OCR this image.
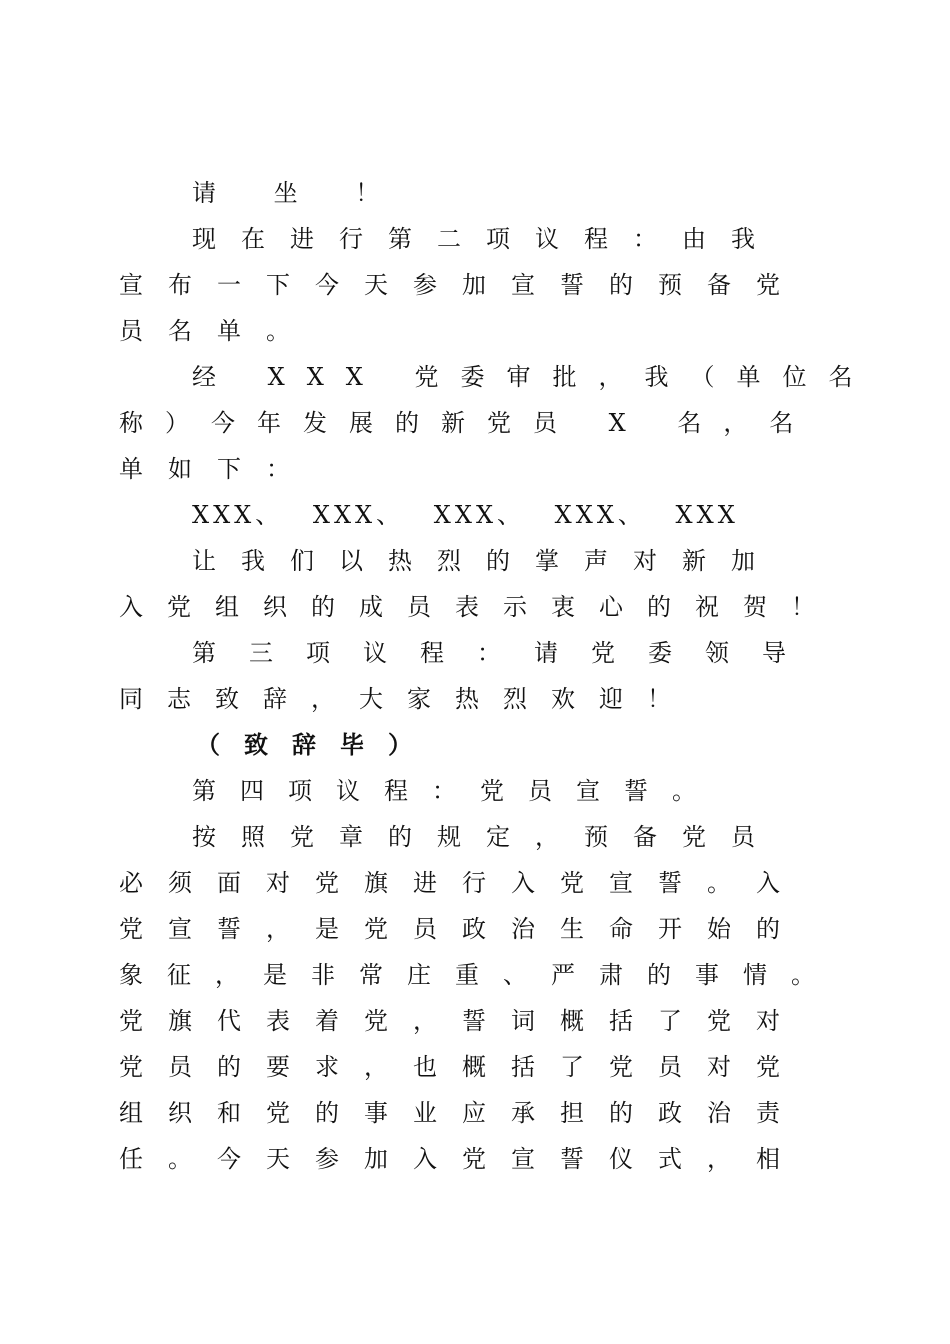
请 坐 ！
现在进行第二项议程：由我
宣布一下今天参加宣誓的预备党
员名单。
经 XXX 党委审批，我（单位名
称）今年发展的新党员 X 名，名
单如下：
XXX、 XXX、 XXX、 XXX、 XXX
让我们以热烈的掌声对新加
入党组织的成员表示衷心的祝贺！
第三项议程：请党委领导
同志致辞，大家热烈欢迎！
（致辞毕）
第四项议程：党员宣誓。
按照党章的规定，预备党员
必须面对党旗进行入党宣誓。入
党宣誓，是党员政治生命开始的
象征，是非常庄重、严肃的事情。
党旗代表着党，誓词概括了党对
党员的要求，也概括了党员对党
组织和党的事业应承担的政治责
任。今天参加入党宣誓仪式，相
